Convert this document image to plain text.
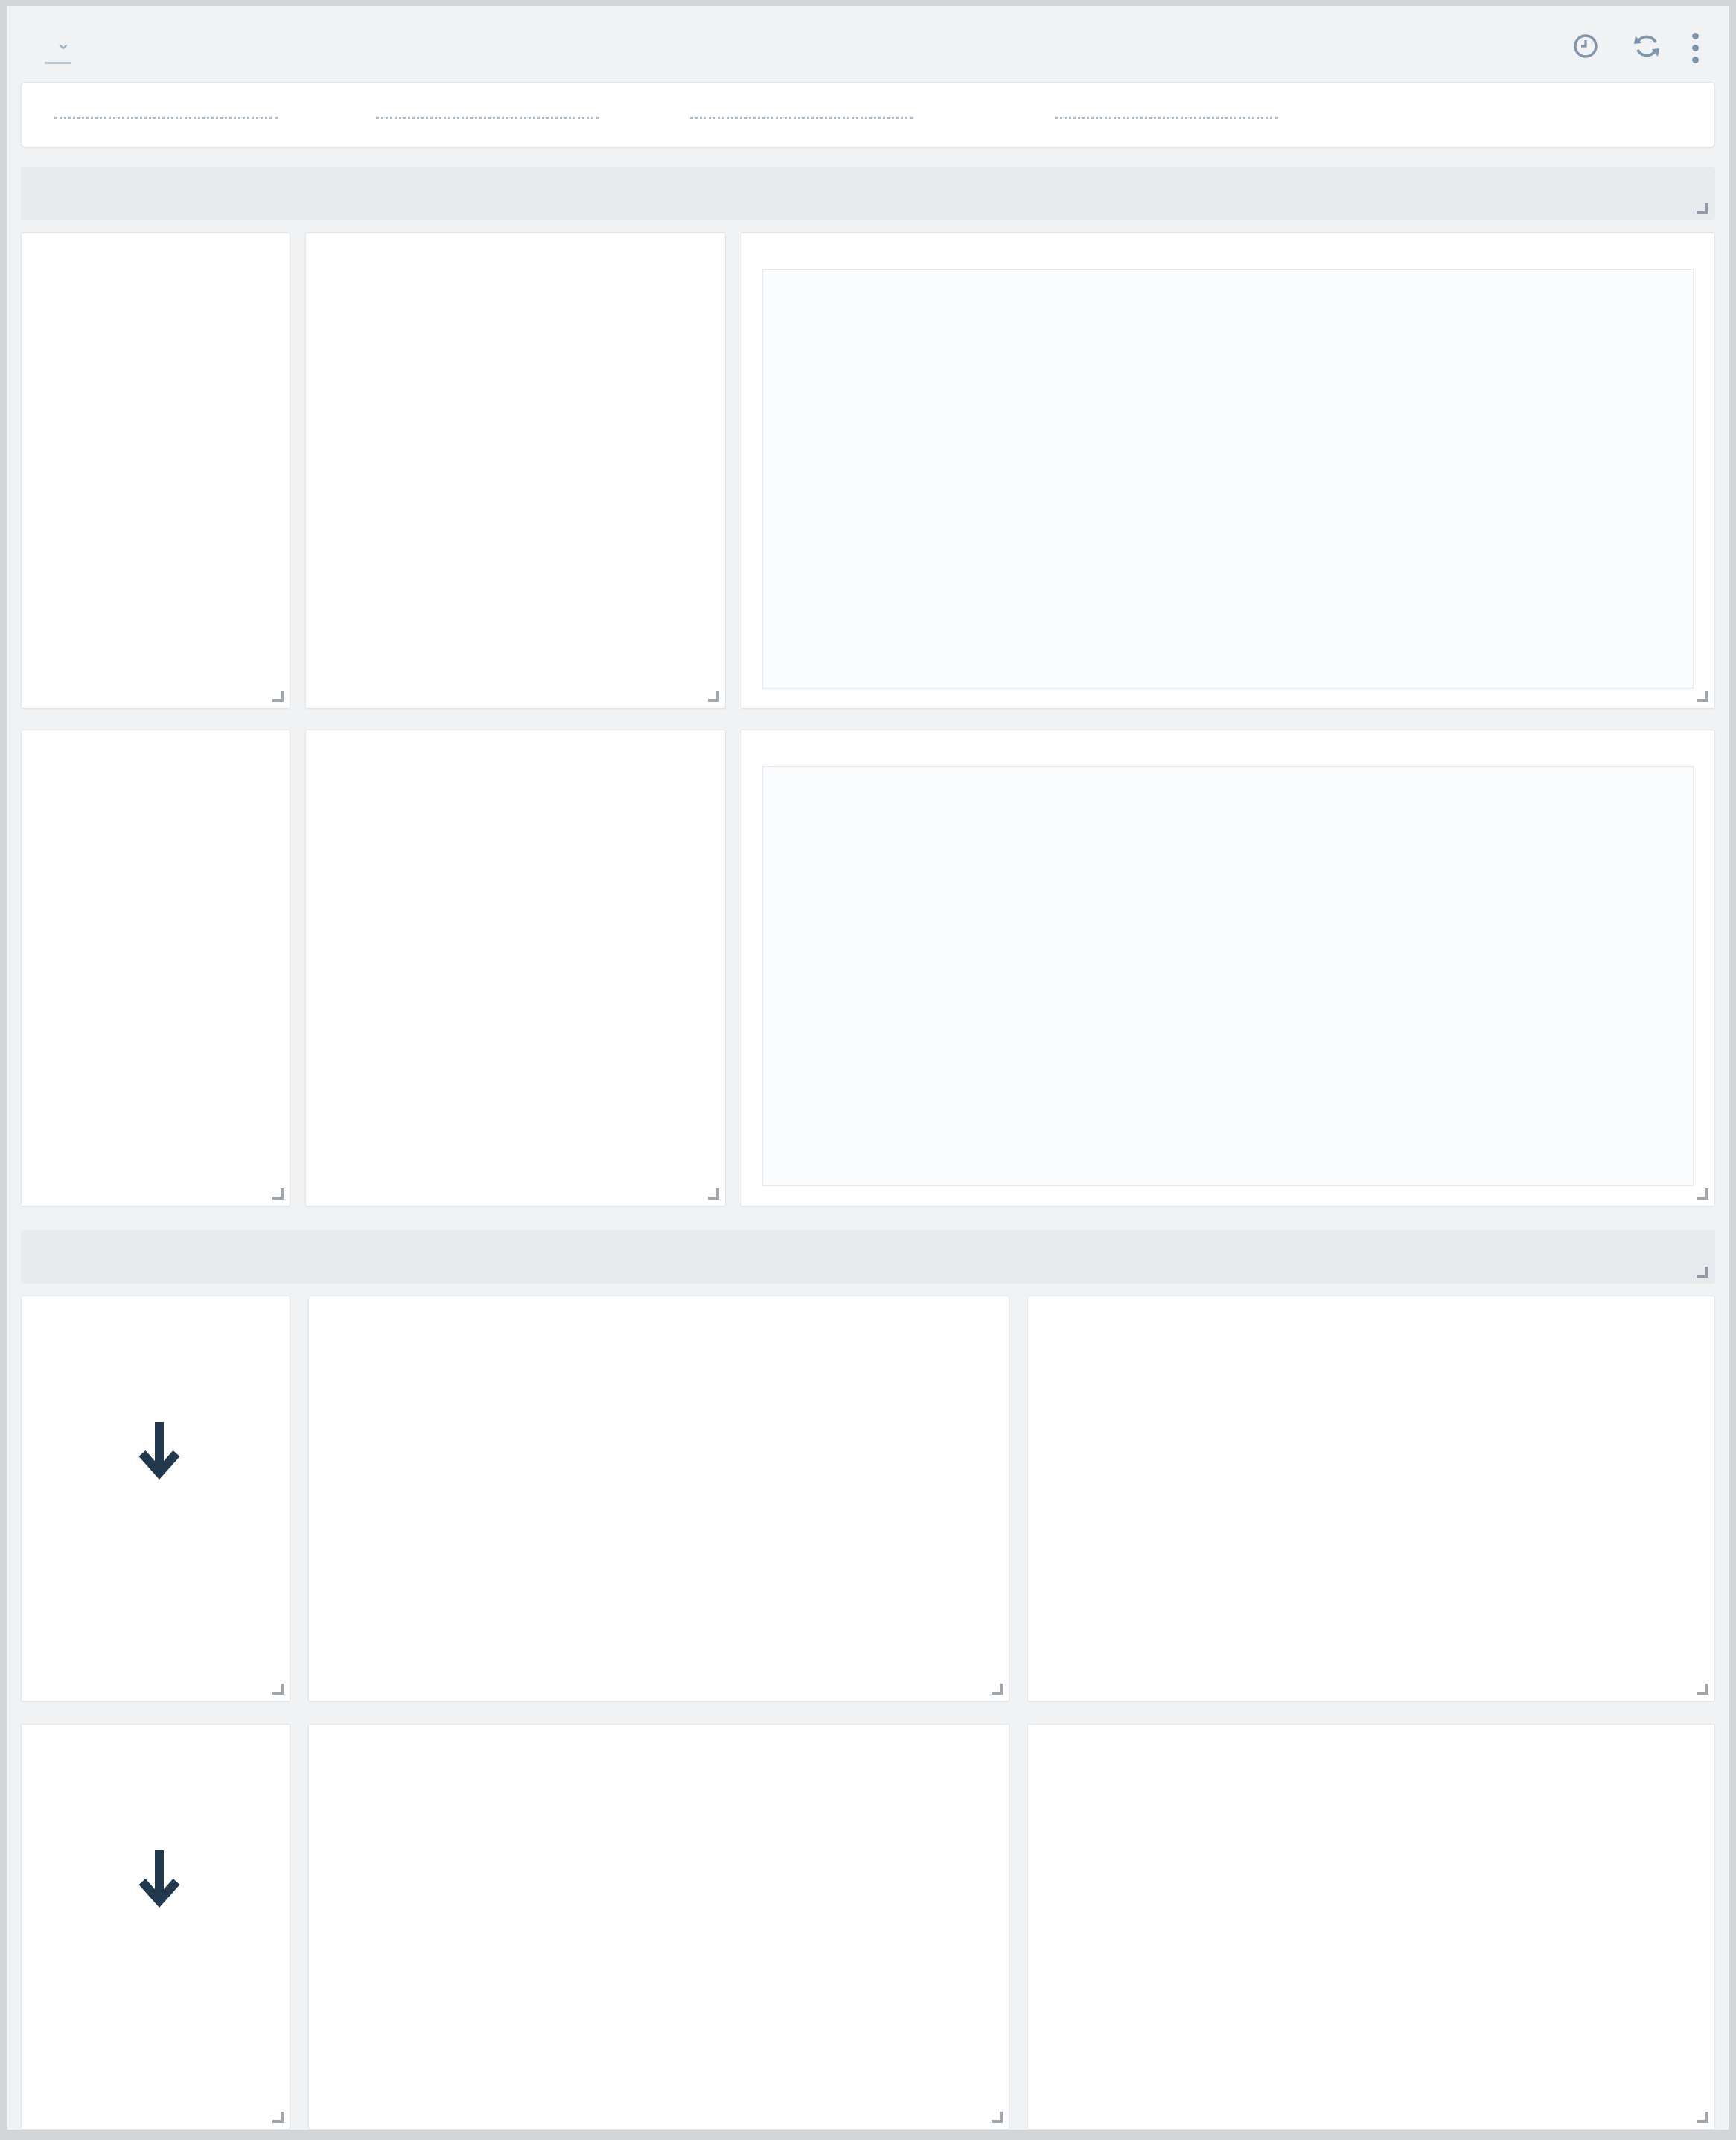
⌄
